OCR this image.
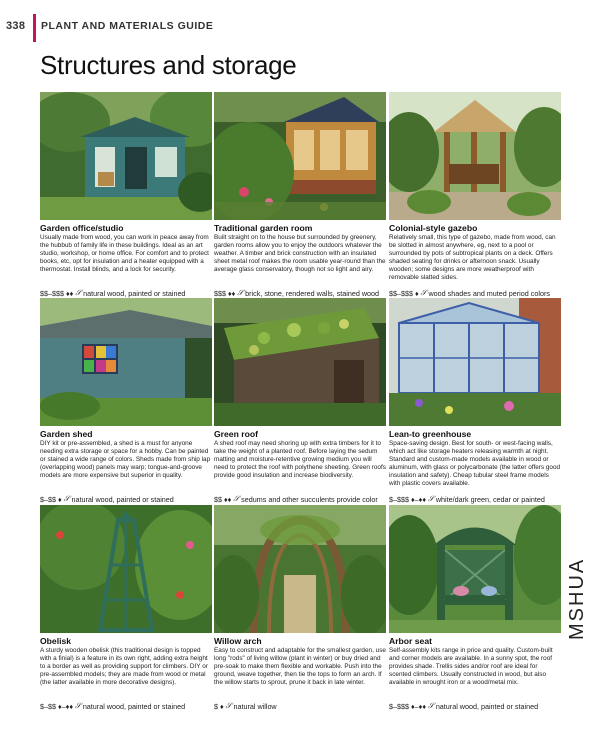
338 PLANT AND MATERIALS GUIDE
Structures and storage
Garden office/studio
Usually made from wood, you can work in peace away from the hubbub of family life in these buildings. Ideal as an art studio, workshop, or home office. For comfort and to protect books, etc, opt for insulation and a heater equipped with a thermostat. Install blinds, and a lock for security.
$$–$$$ ♦♦ 𝒮 natural wood, painted or stained
Traditional garden room
Built straight on to the house but surrounded by greenery, garden rooms allow you to enjoy the outdoors whatever the weather. A timber and brick construction with an insulated sheet metal roof makes the room usable year-round than the average glass conservatory, though not so light and airy.
$$$ ♦♦ 𝒮 brick, stone, rendered walls, stained wood
Colonial-style gazebo
Relatively small, this type of gazebo, made from wood, can be slotted in almost anywhere, eg, next to a pool or surrounded by pots of subtropical plants on a deck. Offers shaded seating for drinks or afternoon snack. Usually wooden; some designs are more weatherproof with removable slatted sides.
$$–$$$ ♦ 𝒮 wood shades and muted period colors
Garden shed
DIY kit or pre-assembled, a shed is a must for anyone needing extra storage or space for a hobby. Can be painted or stained a wide range of colors. Sheds made from ship lap (overlapping wood) panels may warp; tongue-and-groove models are more expensive but superior in quality.
$–$$ ♦ 𝒮 natural wood, painted or stained
Green roof
A shed roof may need shoring up with extra timbers for it to take the weight of a planted roof. Before laying the sedum matting and moisture-retentive growing medium you will need to protect the roof with polythene sheeting. Green roofs provide good insulation and increase biodiversity.
$$ ♦♦ 𝒮 sedums and other succulents provide color
Lean-to greenhouse
Space-saving design. Best for south- or west-facing walls, which act like storage heaters releasing warmth at night. Standard and custom-made models available in wood or aluminum, with glass or polycarbonate (the latter offers good insulation and safety). Cheap tubular steel frame models with plastic covers available.
$–$$$ ♦–♦♦ 𝒮 white/dark green, cedar or painted
Obelisk
A sturdy wooden obelisk (this traditional design is topped with a finial) is a feature in its own right, adding extra height to a border as well as providing support for climbers. DIY or pre-assembled models; they are made from wood or metal (the latter available in more decorative designs).
$–$$ ♦–♦♦ 𝒮 natural wood, painted or stained
Willow arch
Easy to construct and adaptable for the smallest garden, use long "rods" of living willow (plant in winter) or buy dried and pre-soak to make them flexible and workable. Push into the ground, weave together, then tie the tops to form an arch. If the willow starts to sprout, prune it back in late winter.
$ ♦ 𝒮 natural willow
Arbor seat
Self-assembly kits range in price and quality. Custom-built and corner models are available. In a sunny spot, the roof provides shade. Trellis sides and/or roof are ideal for scented climbers. Usually constructed in wood, but also available in wrought iron or a wood/metal mix.
$–$$$ ♦–♦♦ 𝒮 natural wood, painted or stained
MSHUA
